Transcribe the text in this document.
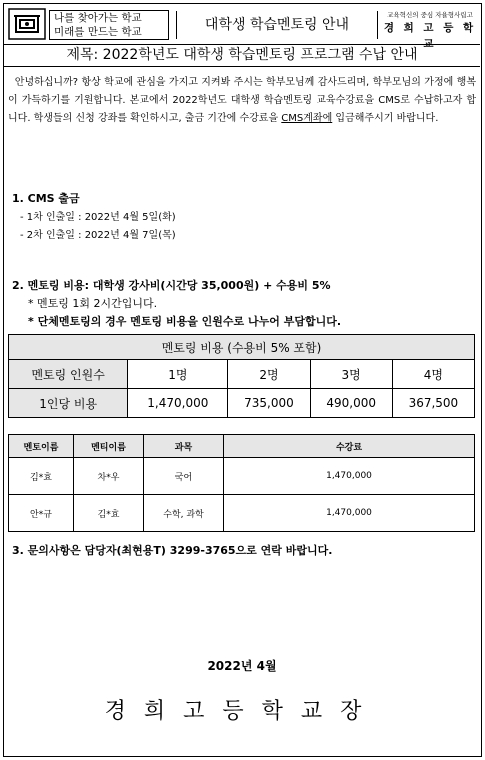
나를 찾아가는 학교
미래를 만드는 학교	대학생 학습멘토링 안내
교육혁신의 중심 자율형사립고
경 희 고 등 학 교
제목: 2022학년도 대학생 학습멘토링 프로그램 수납 안내
안녕하십니까? 항상 학교에 관심을 가지고 지켜봐 주시는 학부모님께 감사드리며, 학부모님의 가정에 행복이 가득하기를 기원합니다. 본교에서 2022학년도 대학생 학습멘토링 교육수강료을 CMS로 수납하고자 합니다. 학생들의 신청 강좌를 확인하시고, 출금 기간에 수강료을 CMS계좌에 입금해주시기 바랍니다.
1. CMS 출금
- 1차 인출일 : 2022년 4월 5일(화)
- 2차 인출일 : 2022년 4월 7일(목)
2. 멘토링 비용: 대학생 강사비(시간당 35,000원) + 수용비 5%
* 멘토링 1회 2시간입니다.
* 단체멘토링의 경우 멘토링 비용을 인원수로 나누어 부담합니다.
멘토링 비용 (수용비 5% 포함)				
멘토링 인원수	1명	2명	3명	4명
1인당 비용	1,470,000	735,000	490,000	367,500
멘토이름	멘티이름	과목	수강료
김*효	차*우	국어	1,470,000
안*규	김*효	수학, 과학	1,470,000
3. 문의사항은 담당자(최현용T) 3299-3765으로 연락 바랍니다.
2022년 4월
경희고등학교장
